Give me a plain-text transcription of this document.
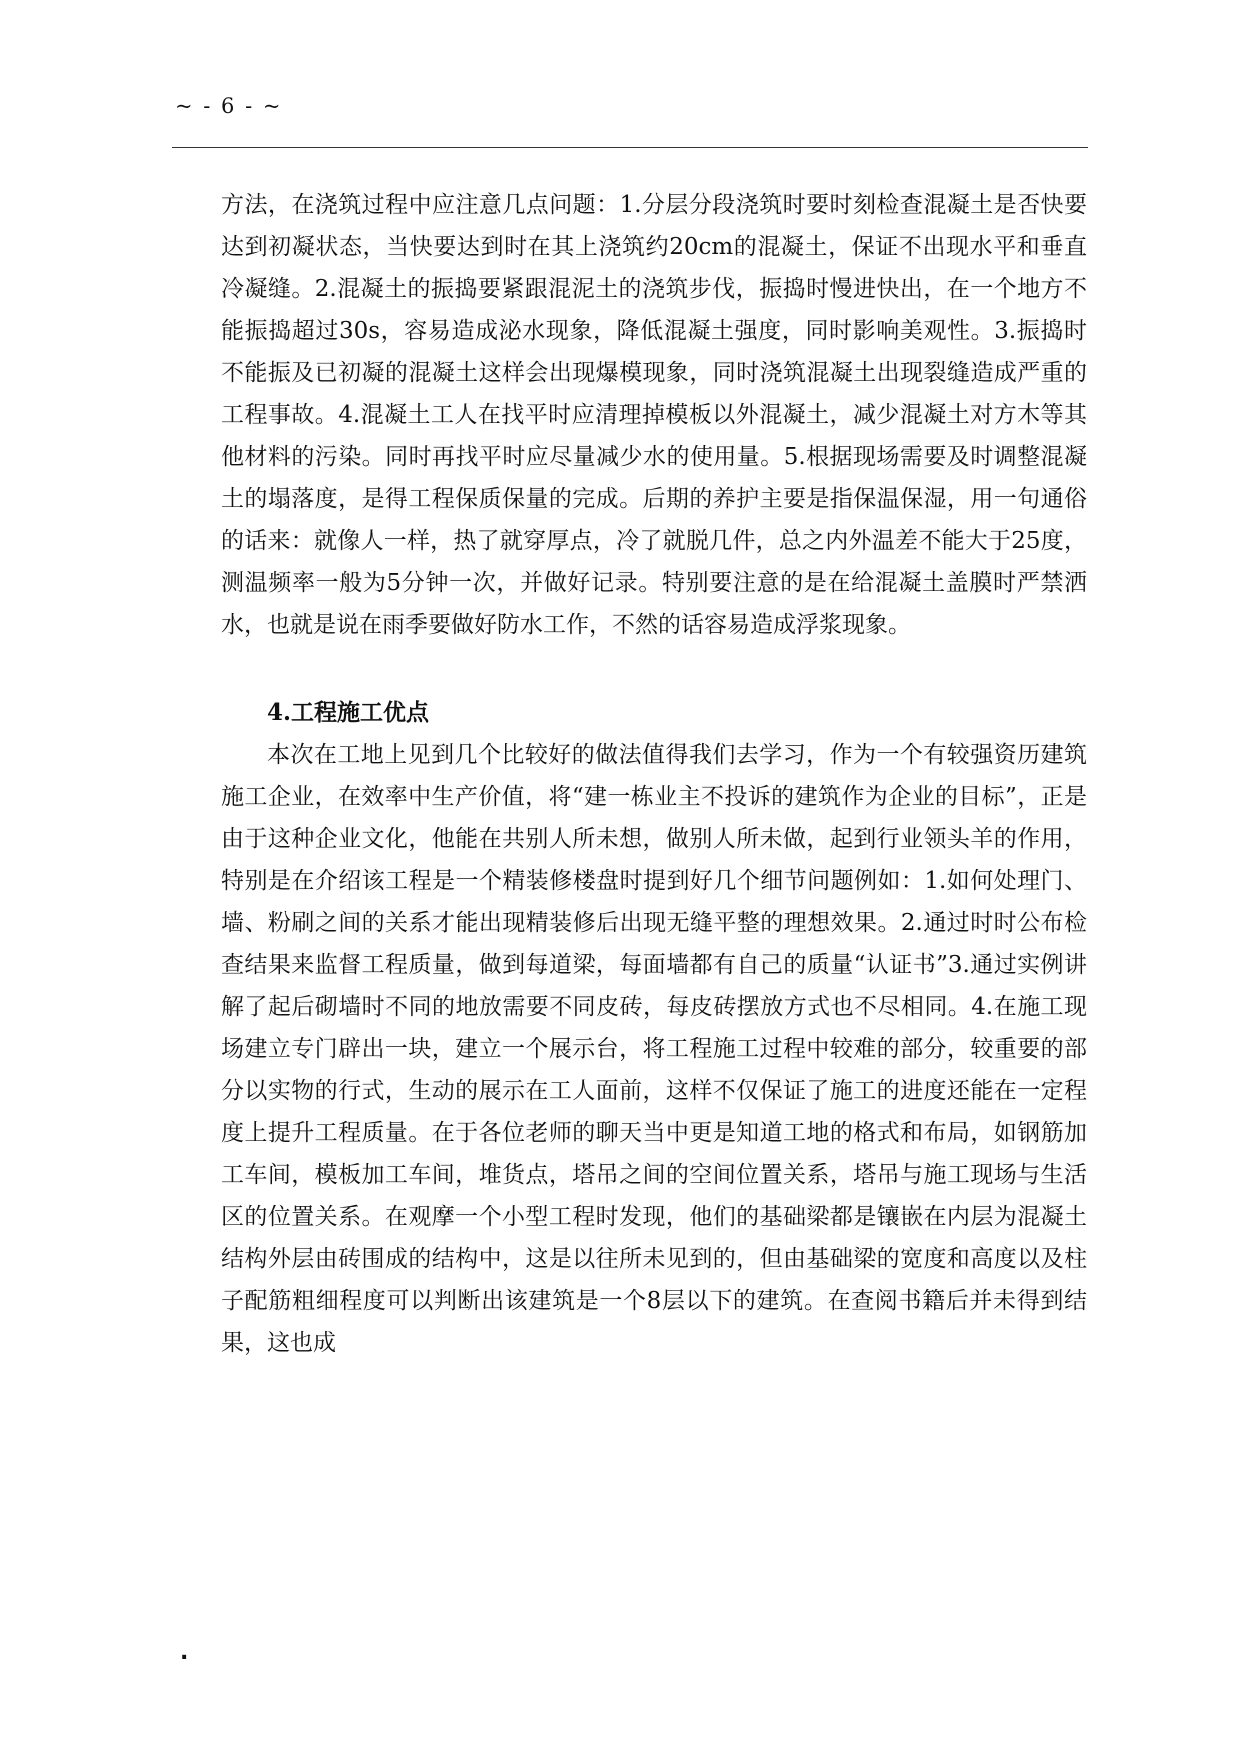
~ - 6 - ~

方法，在浇筑过程中应注意几点问题：1.分层分段浇筑时要时刻检查混凝土是否快要达到初凝状态，当快要达到时在其上浇筑约20cm的混凝土，保证不出现水平和垂直冷凝缝。2.混凝土的振捣要紧跟混泥土的浇筑步伐，振捣时慢进快出，在一个地方不能振捣超过30s，容易造成泌水现象，降低混凝土强度，同时影响美观性。3.振捣时不能振及已初凝的混凝土这样会出现爆模现象，同时浇筑混凝土出现裂缝造成严重的工程事故。4.混凝土工人在找平时应清理掉模板以外混凝土，减少混凝土对方木等其他材料的污染。同时再找平时应尽量减少水的使用量。5.根据现场需要及时调整混凝土的塌落度，是得工程保质保量的完成。后期的养护主要是指保温保湿，用一句通俗的话来：就像人一样，热了就穿厚点，冷了就脱几件，总之内外温差不能大于25度，测温频率一般为5分钟一次，并做好记录。特别要注意的是在给混凝土盖膜时严禁洒水，也就是说在雨季要做好防水工作，不然的话容易造成浮浆现象。

4.工程施工优点

本次在工地上见到几个比较好的做法值得我们去学习，作为一个有较强资历建筑施工企业，在效率中生产价值，将“建一栋业主不投诉的建筑作为企业的目标”，正是由于这种企业文化，他能在共别人所未想，做别人所未做，起到行业领头羊的作用，特别是在介绍该工程是一个精装修楼盘时提到好几个细节问题例如：1.如何处理门、墙、粉刷之间的关系才能出现精装修后出现无缝平整的理想效果。2.通过时时公布检查结果来监督工程质量，做到每道梁，每面墙都有自己的质量“认证书”3.通过实例讲解了起后砌墙时不同的地放需要不同皮砖，每皮砖摆放方式也不尽相同。4.在施工现场建立专门辟出一块，建立一个展示台，将工程施工过程中较难的部分，较重要的部分以实物的行式，生动的展示在工人面前，这样不仅保证了施工的进度还能在一定程度上提升工程质量。在于各位老师的聊天当中更是知道工地的格式和布局，如钢筋加工车间，模板加工车间，堆货点，塔吊之间的空间位置关系，塔吊与施工现场与生活区的位置关系。在观摩一个小型工程时发现，他们的基础梁都是镶嵌在内层为混凝土结构外层由砖围成的结构中，这是以往所未见到的，但由基础梁的宽度和高度以及柱子配筋粗细程度可以判断出该建筑是一个8层以下的建筑。在查阅书籍后并未得到结果，这也成

.
